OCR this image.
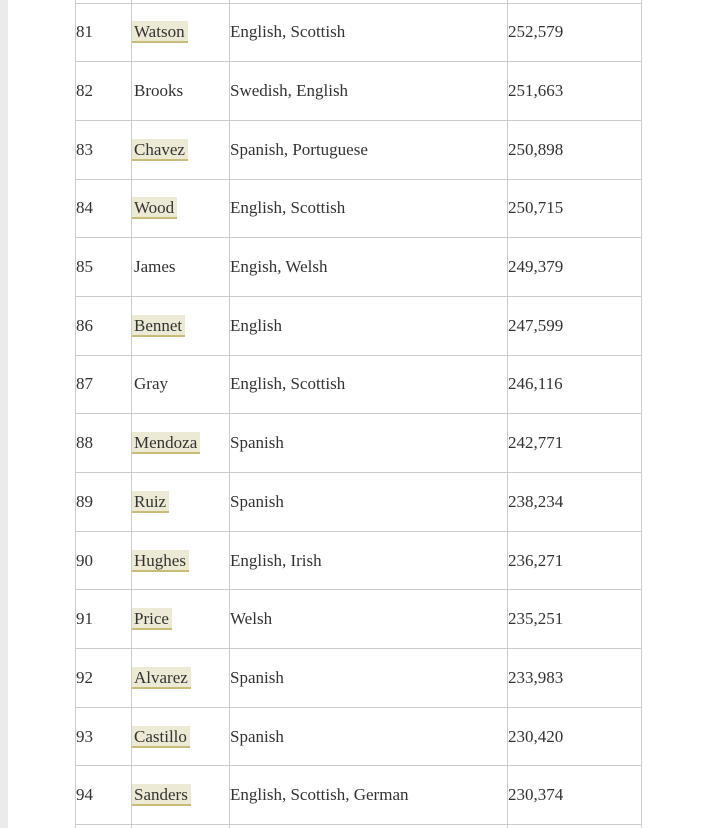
81	Watson	English, Scottish	252,579
82	Brooks	Swedish, English	251,663
83	Chavez	Spanish, Portuguese	250,898
84	Wood	English, Scottish	250,715
85	James	Engish, Welsh	249,379
86	Bennet	English	247,599
87	Gray	English, Scottish	246,116
88	Mendoza	Spanish	242,771
89	Ruiz	Spanish	238,234
90	Hughes	English, Irish	236,271
91	Price	Welsh	235,251
92	Alvarez	Spanish	233,983
93	Castillo	Spanish	230,420
94	Sanders	English, Scottish, German	230,374
